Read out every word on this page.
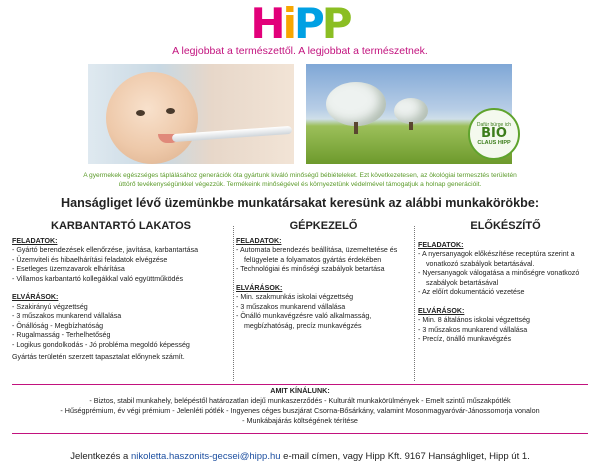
H i P P
A legjobbat a természettől. A legjobbat a természetnek.
Dafür bürge ich
BIO
CLAUS HIPP
A gyermekek egészséges táplálásához generációk óta gyártunk kiváló minőségű bébiételeket. Ezt következetesen, az ökológiai termesztés területén
úttörő tevékenységünkkel végezzük. Termékeink minőségével és környezetünk védelmével támogatjuk a holnap generációit.
Hanságliget lévő üzemünkbe munkatársakat keresünk az alábbi munkakörökbe:
KARBANTARTÓ LAKATOS
FELADATOK:
- Gyártó berendezések ellenőrzése, javítása, karbantartása
- Üzemviteli és hibaelhárítási feladatok elvégzése
- Esetleges üzemzavarok elhárítása
- Villamos karbantartó kollegákkal való együttműködés
ELVÁRÁSOK:
- Szakirányú végzettség
- 3 műszakos munkarend vállalása
- Önállóság - Megbízhatóság
- Rugalmasság - Terhelhetőség
- Logikus gondolkodás - Jó probléma megoldó képesség
Gyártás területén szerzett tapasztalat előnynek számít.
GÉPKEZELŐ
FELADATOK:
- Automata berendezés beállítása, üzemeltetése és felügyelete a folyamatos gyártás érdekében
- Technológiai és minőségi szabályok betartása
ELVÁRÁSOK:
- Min. szakmunkás iskolai végzettség
- 3 műszakos munkarend vállalása
- Önálló munkavégzésre való alkalmasság, megbízhatóság, precíz munkavégzés
ELŐKÉSZÍTŐ
FELADATOK:
- A nyersanyagok előkészítése receptúra szerint a vonatkozó szabályok betartásával.
- Nyersanyagok válogatása a minőségre vonatkozó szabályok betartásával
- Az előírt dokumentáció vezetése
ELVÁRÁSOK:
- Min. 8 általános iskolai végzettség
- 3 műszakos munkarend vállalása
- Precíz, önálló munkavégzés
AMIT KÍNÁLUNK:
- Biztos, stabil munkahely, belépéstől határozatlan idejű munkaszerződés - Kulturált munkakörülmények - Emelt szintű műszakpótlék
- Hűségprémium, év végi prémium - Jelenléti pótlék - Ingyenes céges buszjárat Csorna-Bősárkány, valamint Mosonmagyaróvár-Jánossomorja vonalon
- Munkábajárás költségének térítése
Jelentkezés a nikoletta.haszonits-gecsei@hipp.hu e-mail címen, vagy Hipp Kft. 9167 Hansághliget, Hipp út 1.
